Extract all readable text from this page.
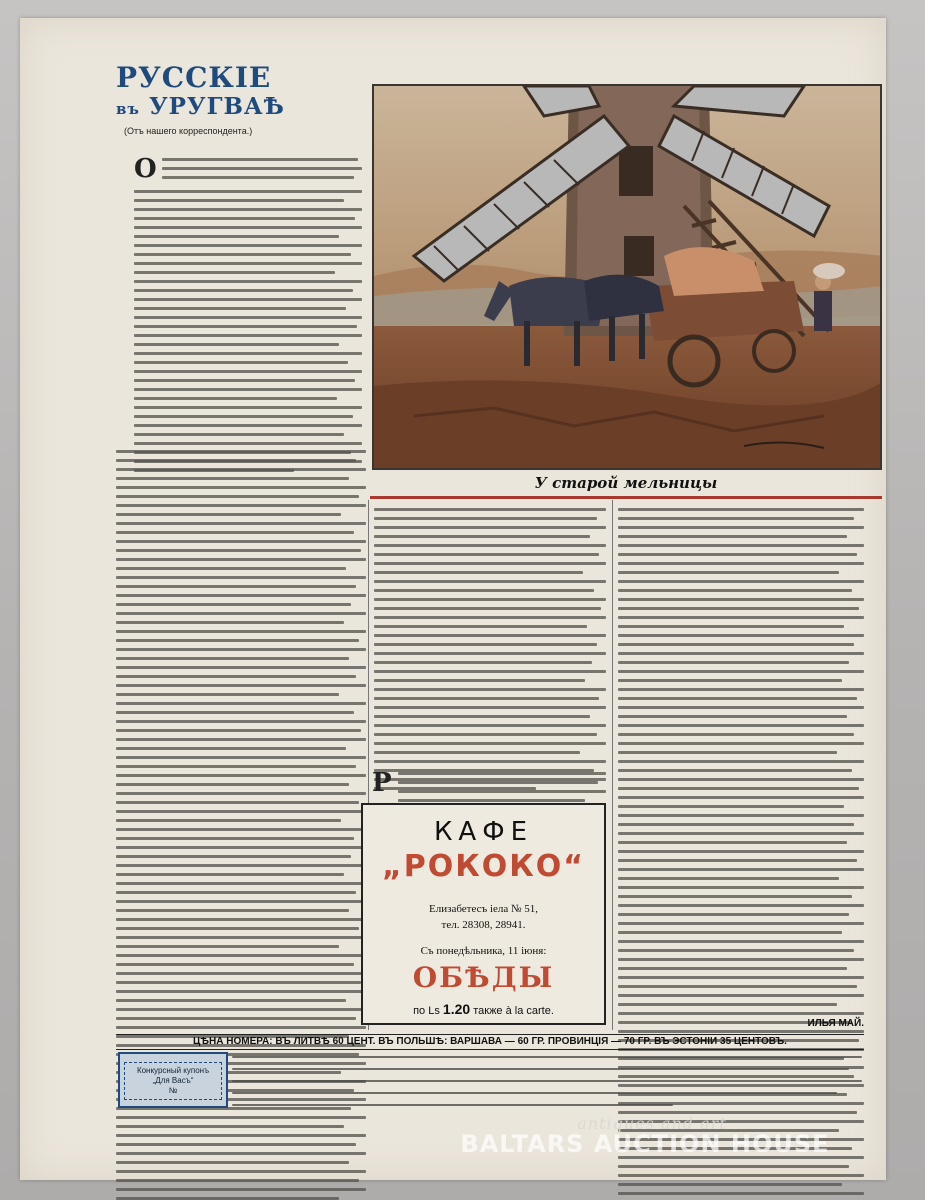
РУССКІЕ
въ УРУГВАѢ
(Отъ нашего корреспондента.)
О
У старой мельницы
Р
КАФЕ
„РОКОКО“
Елизабетесъ іела № 51,
тел. 28308, 28941.
Съ понедѣльника, 11 іюня:
ОБѢДЫ
по Ls 1.20 также à la carte.
ИЛЬЯ МАЙ.
ЦѢНА НОМЕРА: ВЪ ЛИТВѢ 60 ЦЕНТ. ВЪ ПОЛЬШѢ: ВАРШАВА — 60 ГР. ПРОВИНЦІЯ — 70 ГР. ВЪ ЭСТОНІИ 35 ЦЕНТОВЪ.
Конкурсный купонъ
„Для Васъ“
№
antiques and art
BALTARS AUCTION HOUSE
